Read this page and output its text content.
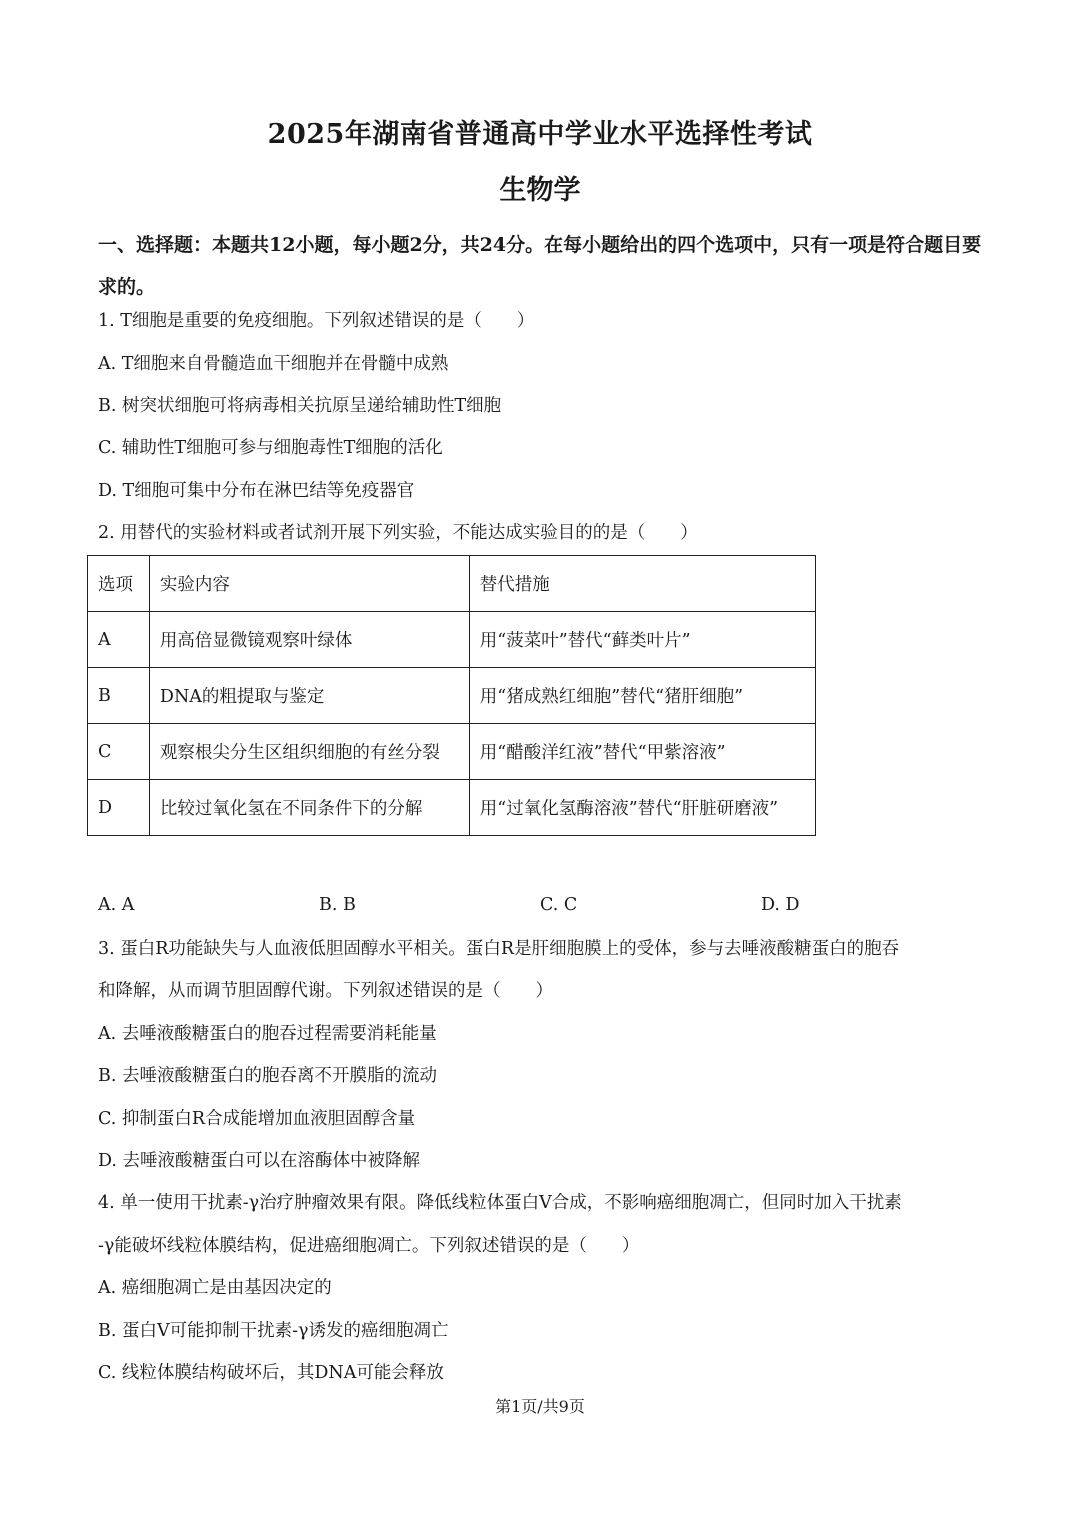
2025年湖南省普通高中学业水平选择性考试
生物学
一、选择题：本题共12小题，每小题2分，共24分。在每小题给出的四个选项中，只有一项是符合题目要求的。
1. T细胞是重要的免疫细胞。下列叙述错误的是（　　）
A. T细胞来自骨髓造血干细胞并在骨髓中成熟
B. 树突状细胞可将病毒相关抗原呈递给辅助性T细胞
C. 辅助性T细胞可参与细胞毒性T细胞的活化
D. T细胞可集中分布在淋巴结等免疫器官
2. 用替代的实验材料或者试剂开展下列实验，不能达成实验目的的是（　　）
选项	实验内容	替代措施
A	用高倍显微镜观察叶绿体	用“菠菜叶”替代“藓类叶片”
B	DNA的粗提取与鉴定	用“猪成熟红细胞”替代“猪肝细胞”
C	观察根尖分生区组织细胞的有丝分裂	用“醋酸洋红液”替代“甲紫溶液”
D	比较过氧化氢在不同条件下的分解	用“过氧化氢酶溶液”替代“肝脏研磨液”
A. A	B. B	C. C	D. D
3. 蛋白R功能缺失与人血液低胆固醇水平相关。蛋白R是肝细胞膜上的受体，参与去唾液酸糖蛋白的胞吞
和降解，从而调节胆固醇代谢。下列叙述错误的是（　　）
A. 去唾液酸糖蛋白的胞吞过程需要消耗能量
B. 去唾液酸糖蛋白的胞吞离不开膜脂的流动
C. 抑制蛋白R合成能增加血液胆固醇含量
D. 去唾液酸糖蛋白可以在溶酶体中被降解
4. 单一使用干扰素-γ治疗肿瘤效果有限。降低线粒体蛋白V合成，不影响癌细胞凋亡，但同时加入干扰素
-γ能破坏线粒体膜结构，促进癌细胞凋亡。下列叙述错误的是（　　）
A. 癌细胞凋亡是由基因决定的
B. 蛋白V可能抑制干扰素-γ诱发的癌细胞凋亡
C. 线粒体膜结构破坏后，其DNA可能会释放
第1页/共9页
